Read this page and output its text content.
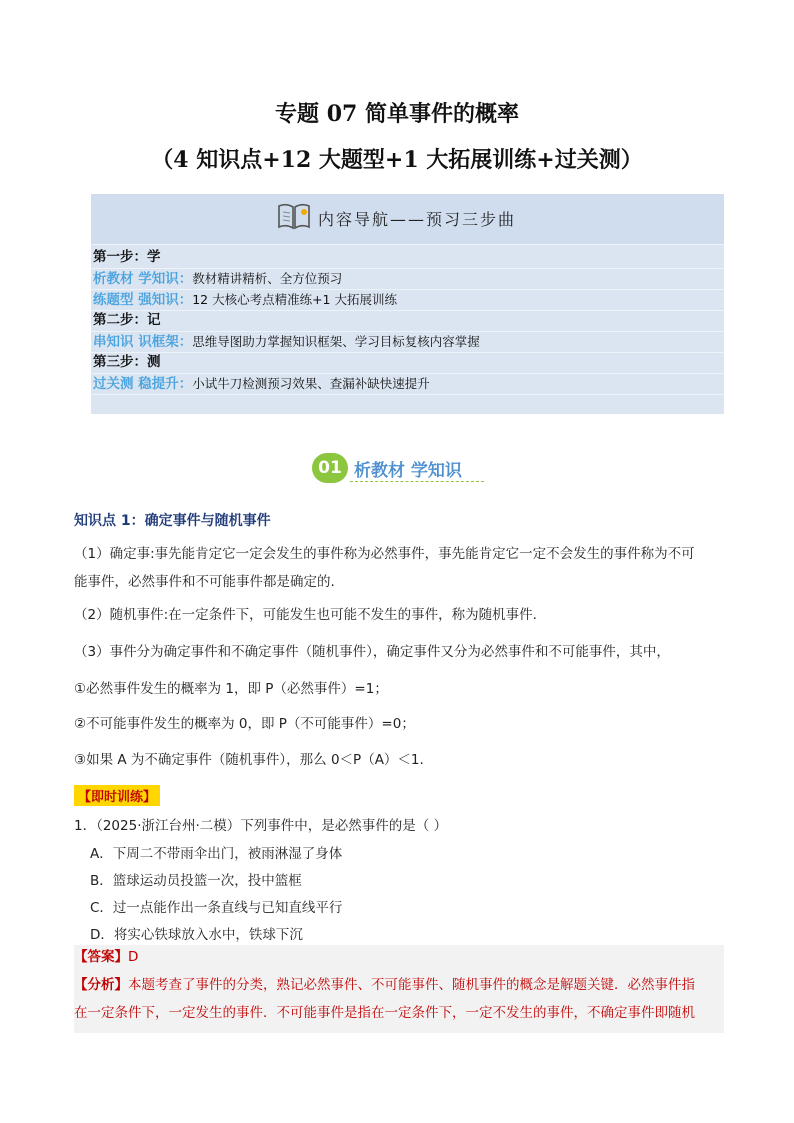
专题 07 简单事件的概率
（4 知识点+12 大题型+1 大拓展训练+过关测）
内容导航——预习三步曲
第一步：学
析教材 学知识：教材精讲精析、全方位预习
练题型 强知识：12 大核心考点精准练+1 大拓展训练
第二步：记
串知识 识框架：思维导图助力掌握知识框架、学习目标复核内容掌握
第三步：测
过关测 稳提升：小试牛刀检测预习效果、查漏补缺快速提升
01 析教材 学知识
知识点 1：确定事件与随机事件
（1）确定事:事先能肯定它一定会发生的事件称为必然事件，事先能肯定它一定不会发生的事件称为不可
能事件，必然事件和不可能事件都是确定的.
（2）随机事件:在一定条件下，可能发生也可能不发生的事件，称为随机事件.
（3）事件分为确定事件和不确定事件（随机事件），确定事件又分为必然事件和不可能事件，其中，
①必然事件发生的概率为 1，即 P（必然事件）=1；
②不可能事件发生的概率为 0，即 P（不可能事件）=0；
③如果 A 为不确定事件（随机事件），那么 0＜P（A）＜1.
【即时训练】
1．（2025·浙江台州·二模）下列事件中，是必然事件的是（ ）
A．下周二不带雨伞出门，被雨淋湿了身体
B．篮球运动员投篮一次，投中篮框
C．过一点能作出一条直线与已知直线平行
D．将实心铁球放入水中，铁球下沉
【答案】D
【分析】本题考查了事件的分类，熟记必然事件、不可能事件、随机事件的概念是解题关键．必然事件指
在一定条件下，一定发生的事件．不可能事件是指在一定条件下，一定不发生的事件，不确定事件即随机
